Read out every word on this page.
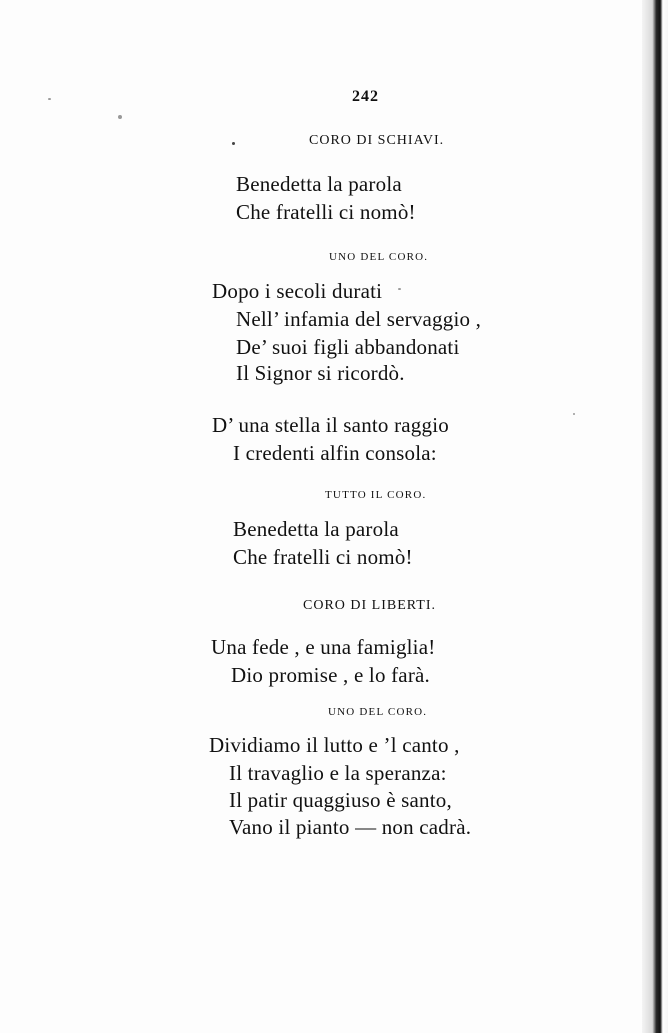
242
CORO DI SCHIAVI.
Benedetta la parola
Che fratelli ci nomò!
UNO DEL CORO.
Dopo i secoli durati
Nell’ infamia del servaggio ,
De’ suoi figli abbandonati
Il Signor si ricordò.
D’ una stella il santo raggio
I credenti alfin consola:
TUTTO IL CORO.
Benedetta la parola
Che fratelli ci nomò!
CORO DI LIBERTI.
Una fede , e una famiglia!
Dio promise , e lo farà.
UNO DEL CORO.
Dividiamo il lutto e ’l canto ,
Il travaglio e la speranza:
Il patir quaggiuso è santo,
Vano il pianto — non cadrà.
